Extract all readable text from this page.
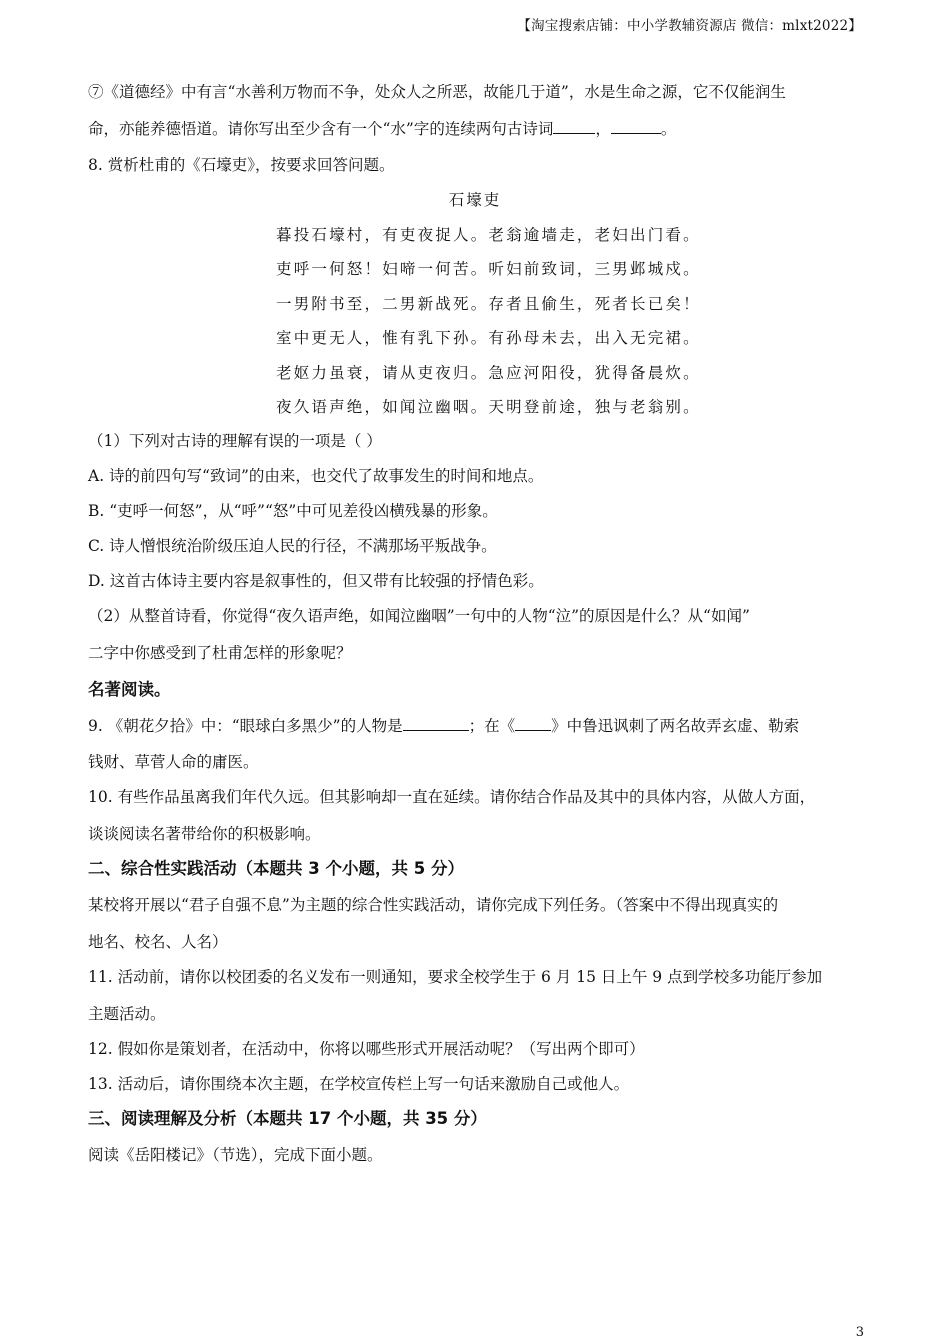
【淘宝搜索店铺：中小学教辅资源店 微信：mlxt2022】
⑦《道德经》中有言“水善利万物而不争，处众人之所恶，故能几于道”，水是生命之源，它不仅能润生
命，亦能养德悟道。请你写出至少含有一个“水”字的连续两句古诗词	，	。
8. 赏析杜甫的《石壕吏》，按要求回答问题。
石壕吏
暮投石壕村，有吏夜捉人。老翁逾墙走，老妇出门看。
吏呼一何怒！妇啼一何苦。听妇前致词，三男邺城戍。
一男附书至，二男新战死。存者且偷生，死者长已矣！
室中更无人，惟有乳下孙。有孙母未去，出入无完裙。
老妪力虽衰，请从吏夜归。急应河阳役，犹得备晨炊。
夜久语声绝，如闻泣幽咽。天明登前途，独与老翁别。
（1）下列对古诗的理解有误的一项是（ ）
A. 诗的前四句写“致词”的由来，也交代了故事发生的时间和地点。
B. “吏呼一何怒”，从“呼”“怒”中可见差役凶横残暴的形象。
C. 诗人憎恨统治阶级压迫人民的行径，不满那场平叛战争。
D. 这首古体诗主要内容是叙事性的，但又带有比较强的抒情色彩。
（2）从整首诗看，你觉得“夜久语声绝，如闻泣幽咽”一句中的人物“泣”的原因是什么？从“如闻”
二字中你感受到了杜甫怎样的形象呢？
名著阅读。
9. 《朝花夕拾》中：“眼球白多黑少”的人物是	；在《 》中鲁迅讽刺了两名故弄玄虚、勒索
钱财、草菅人命的庸医。
10. 有些作品虽离我们年代久远。但其影响却一直在延续。请你结合作品及其中的具体内容，从做人方面，
谈谈阅读名著带给你的积极影响。
二、综合性实践活动（本题共 3 个小题，共 5 分）
某校将开展以“君子自强不息”为主题的综合性实践活动，请你完成下列任务。（答案中不得出现真实的
地名、校名、人名）
11. 活动前，请你以校团委的名义发布一则通知，要求全校学生于 6 月 15 日上午 9 点到学校多功能厅参加
主题活动。
12. 假如你是策划者，在活动中，你将以哪些形式开展活动呢？（写出两个即可）
13. 活动后，请你围绕本次主题，在学校宣传栏上写一句话来激励自己或他人。
三、阅读理解及分析（本题共 17 个小题，共 35 分）
阅读《岳阳楼记》（节选），完成下面小题。
3
